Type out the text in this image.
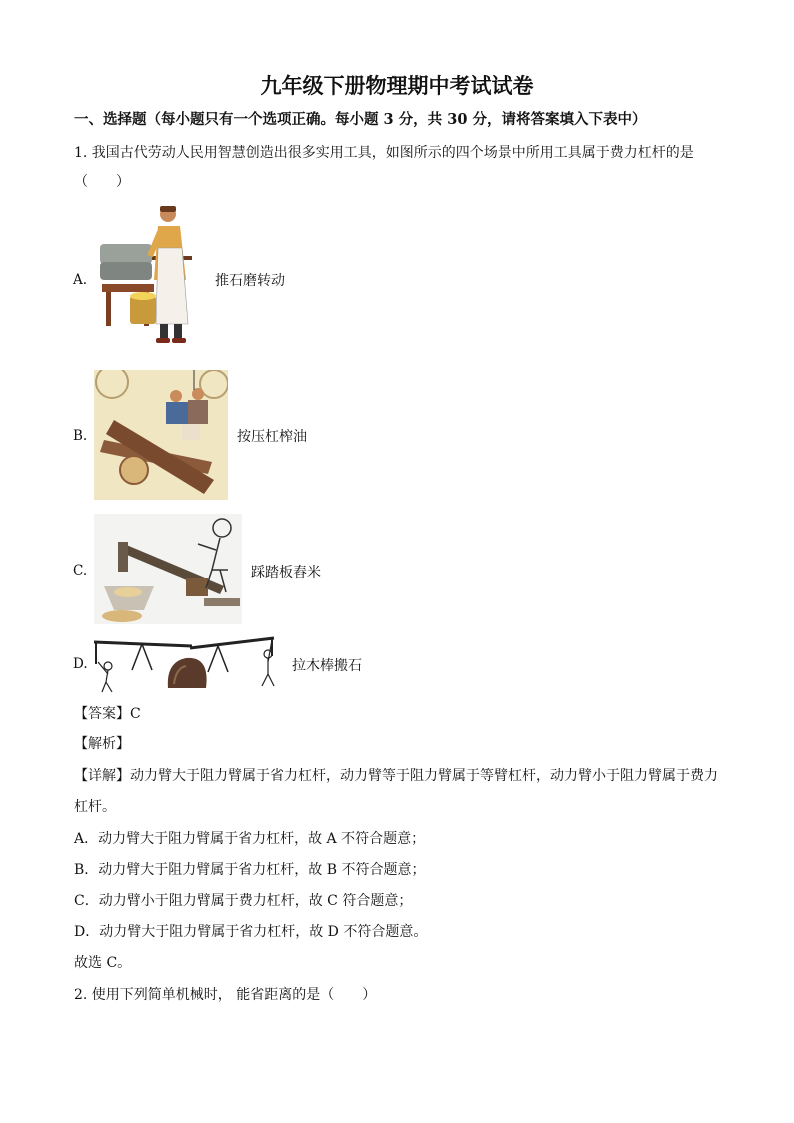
九年级下册物理期中考试试卷
一、选择题（每小题只有一个选项正确。每小题 3 分，共 30 分，请将答案填入下表中）
1. 我国古代劳动人民用智慧创造出很多实用工具，如图所示的四个场景中所用工具属于费力杠杆的是
（　　）
A.	推石磨转动
B.	按压杠榨油
C.	踩踏板舂米
D.	拉木棒搬石
【答案】C
【解析】
【详解】动力臂大于阻力臂属于省力杠杆，动力臂等于阻力臂属于等臂杠杆，动力臂小于阻力臂属于费力
杠杆。
A．动力臂大于阻力臂属于省力杠杆，故 A 不符合题意；
B．动力臂大于阻力臂属于省力杠杆，故 B 不符合题意；
C．动力臂小于阻力臂属于费力杠杆，故 C 符合题意；
D．动力臂大于阻力臂属于省力杠杆，故 D 不符合题意。
故选 C。
2. 使用下列简单机械时， 能省距离的是（　　）
